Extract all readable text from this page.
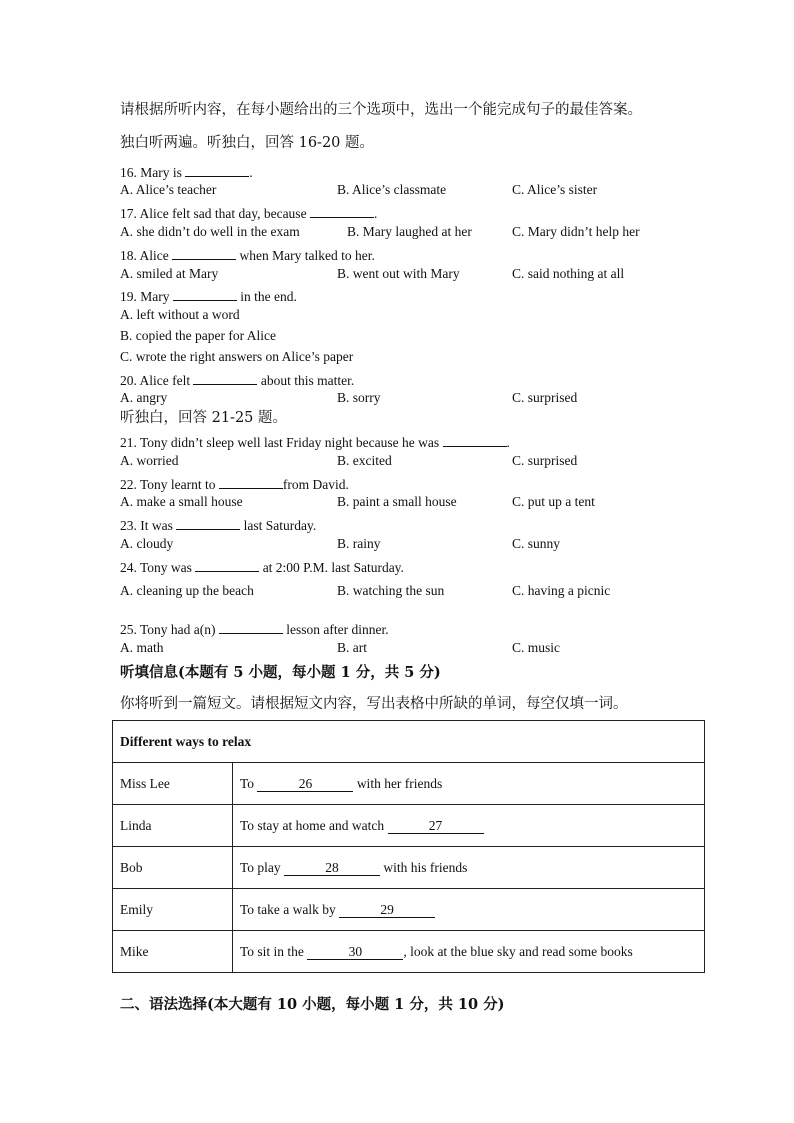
请根据所听内容，在每小题给出的三个选项中，选出一个能完成句子的最佳答案。
独白听两遍。听独白，回答 16-20 题。
16. Mary is	.
A. Alice’s teacher	B. Alice’s classmate	C. Alice’s sister
17. Alice felt sad that day, because	.
A. she didn’t do well in the exam	B. Mary laughed at her	C. Mary didn’t help her
18. Alice	when Mary talked to her.
A. smiled at Mary	B. went out with Mary	C. said nothing at all
19. Mary	in the end.
A. left without a word
B. copied the paper for Alice
C. wrote the right answers on Alice’s paper
20. Alice felt	about this matter.
A. angry	B. sorry	C. surprised
听独白，回答 21-25 题。
21. Tony didn’t sleep well last Friday night because he was	.
A. worried	B. excited	C. surprised
22. Tony learnt to	from David.
A. make a small house	B. paint a small house	C. put up a tent
23. It was	last Saturday.
A. cloudy	B. rainy	C. sunny
24. Tony was	at 2:00 P.M. last Saturday.
A. cleaning up the beach	B. watching the sun	C. having a picnic
25. Tony had a(n)	lesson after dinner.
A. math	B. art	C. music
听填信息(本题有 5 小题，每小题 1 分，共 5 分)
你将听到一篇短文。请根据短文内容，写出表格中所缺的单词，每空仅填一词。
Different ways to relax	
Miss Lee	To 26 with her friends
Linda	To stay at home and watch 27
Bob	To play 28 with his friends
Emily	To take a walk by 29
Mike	To sit in the 30 , look at the blue sky and read some books
二、语法选择(本大题有 10 小题，每小题 1 分，共 10 分)
